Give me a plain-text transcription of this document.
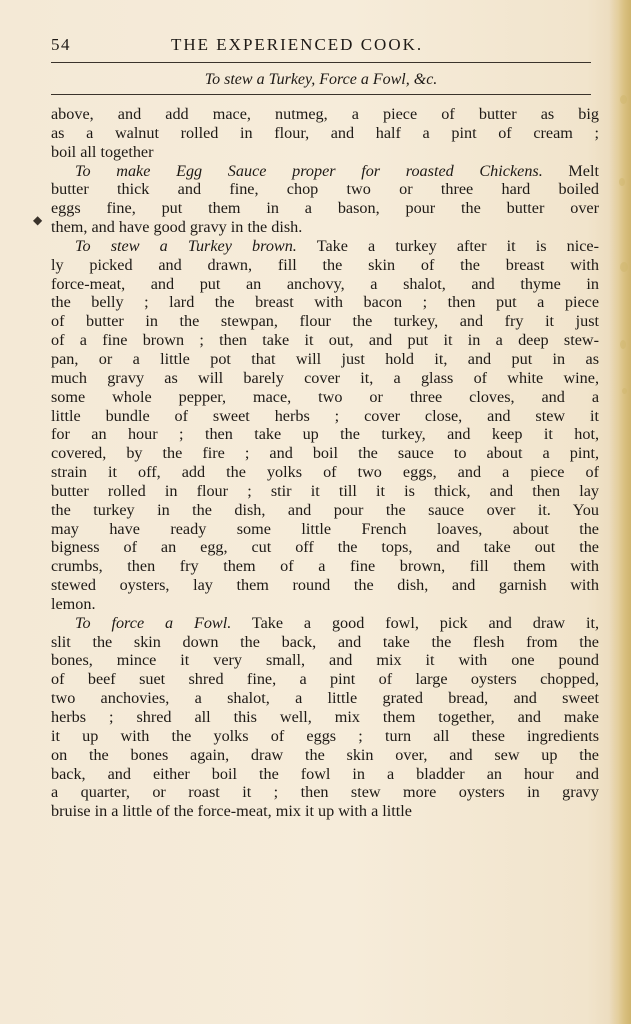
54	THE EXPERIENCED COOK.
To stew a Turkey, Force a Fowl, &c.
◆
above, and add mace, nutmeg, a piece of butter as big
as a walnut rolled in flour, and half a pint of cream ;
boil all together
To make Egg Sauce proper for roasted Chickens. Melt
butter thick and fine, chop two or three hard boiled
eggs fine, put them in a bason, pour the butter over
them, and have good gravy in the dish.
To stew a Turkey brown. Take a turkey after it is nice-
ly picked and drawn, fill the skin of the breast with
force-meat, and put an anchovy, a shalot, and thyme in
the belly ; lard the breast with bacon ; then put a piece
of butter in the stewpan, flour the turkey, and fry it just
of a fine brown ; then take it out, and put it in a deep stew-
pan, or a little pot that will just hold it, and put in as
much gravy as will barely cover it, a glass of white wine,
some whole pepper, mace, two or three cloves, and a
little bundle of sweet herbs ; cover close, and stew it
for an hour ; then take up the turkey, and keep it hot,
covered, by the fire ; and boil the sauce to about a pint,
strain it off, add the yolks of two eggs, and a piece of
butter rolled in flour ; stir it till it is thick, and then lay
the turkey in the dish, and pour the sauce over it. You
may have ready some little French loaves, about the
bigness of an egg, cut off the tops, and take out the
crumbs, then fry them of a fine brown, fill them with
stewed oysters, lay them round the dish, and garnish with
lemon.
To force a Fowl. Take a good fowl, pick and draw it,
slit the skin down the back, and take the flesh from the
bones, mince it very small, and mix it with one pound
of beef suet shred fine, a pint of large oysters chopped,
two anchovies, a shalot, a little grated bread, and sweet
herbs ; shred all this well, mix them together, and make
it up with the yolks of eggs ; turn all these ingredients
on the bones again, draw the skin over, and sew up the
back, and either boil the fowl in a bladder an hour and
a quarter, or roast it ; then stew more oysters in gravy
bruise in a little of the force-meat, mix it up with a little
